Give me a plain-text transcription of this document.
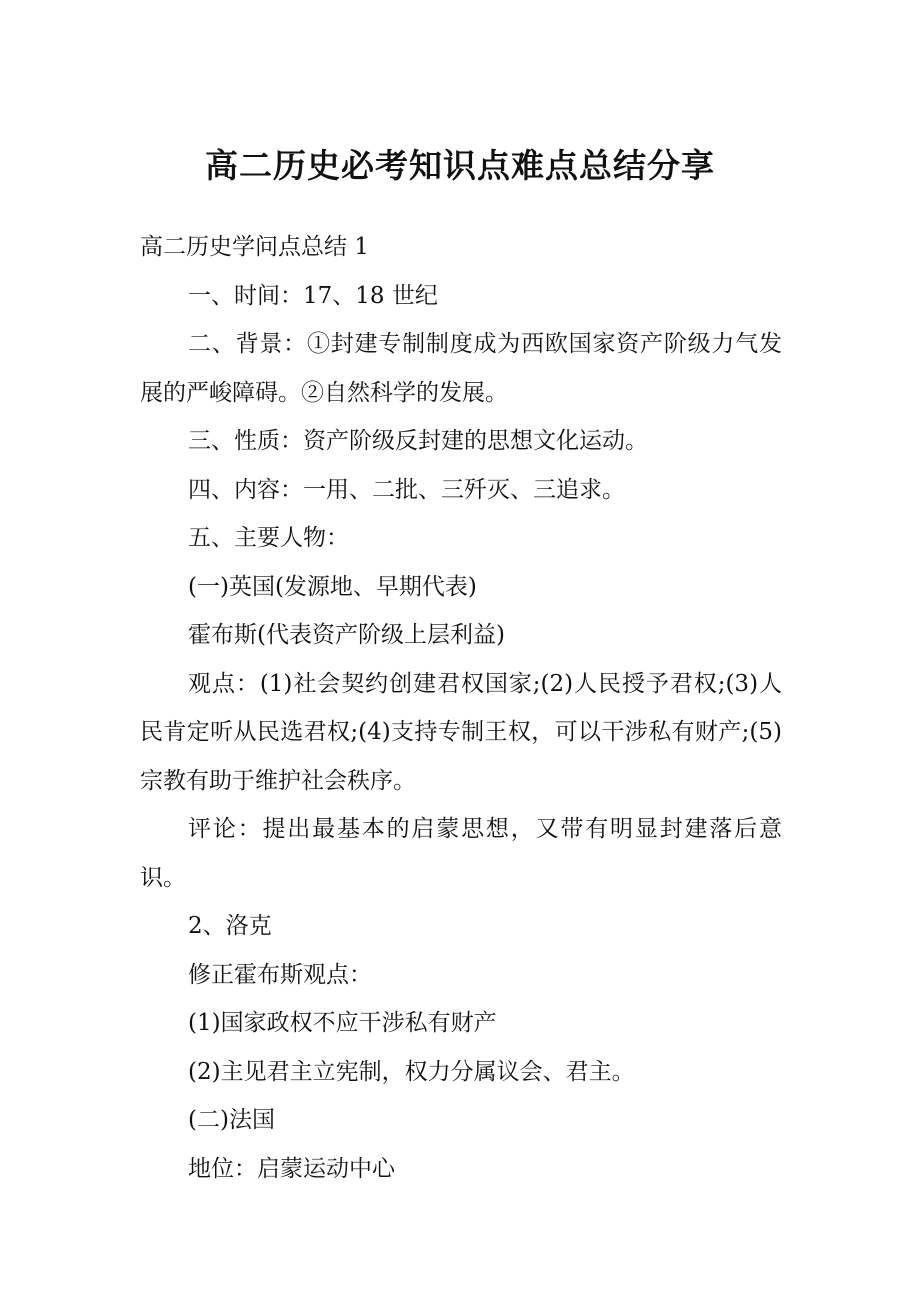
高二历史必考知识点难点总结分享

高二历史学问点总结 1

一、时间：17、18 世纪

二、背景：①封建专制制度成为西欧国家资产阶级力气发展的严峻障碍。②自然科学的发展。

三、性质：资产阶级反封建的思想文化运动。

四、内容：一用、二批、三歼灭、三追求。

五、主要人物：

(一)英国(发源地、早期代表)

霍布斯(代表资产阶级上层利益)

观点：(1)社会契约创建君权国家;(2)人民授予君权;(3)人民肯定听从民选君权;(4)支持专制王权，可以干涉私有财产;(5)宗教有助于维护社会秩序。

评论：提出最基本的启蒙思想，又带有明显封建落后意识。

2、洛克

修正霍布斯观点：

(1)国家政权不应干涉私有财产

(2)主见君主立宪制，权力分属议会、君主。

(二)法国

地位：启蒙运动中心
